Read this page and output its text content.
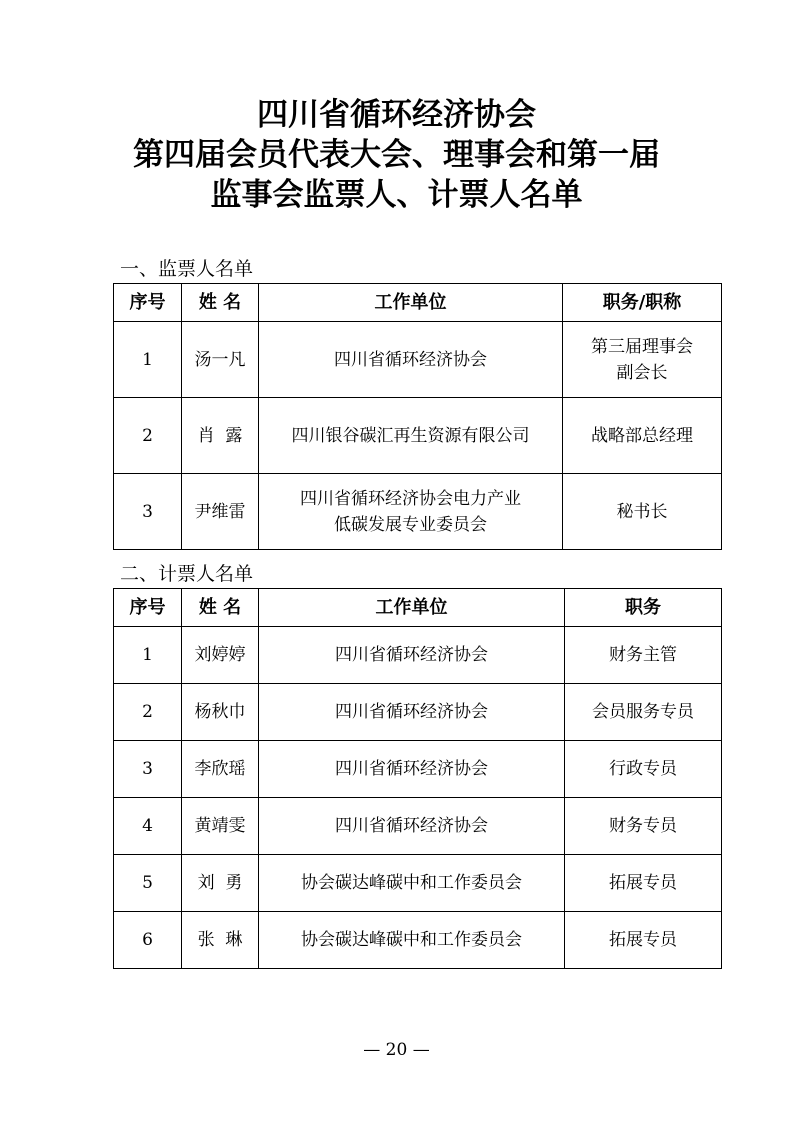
四川省循环经济协会
第四届会员代表大会、理事会和第一届
监事会监票人、计票人名单
一、监票人名单
序号	姓 名	工作单位	职务/职称
1	汤一凡	四川省循环经济协会	第三届理事会
副会长
2	肖  露	四川银谷碳汇再生资源有限公司	战略部总经理
3	尹维雷	四川省循环经济协会电力产业
低碳发展专业委员会	秘书长
二、计票人名单
序号	姓 名	工作单位	职务
1	刘婷婷	四川省循环经济协会	财务主管
2	杨秋巾	四川省循环经济协会	会员服务专员
3	李欣瑶	四川省循环经济协会	行政专员
4	黄靖雯	四川省循环经济协会	财务专员
5	刘  勇	协会碳达峰碳中和工作委员会	拓展专员
6	张  琳	协会碳达峰碳中和工作委员会	拓展专员
— 20 —
